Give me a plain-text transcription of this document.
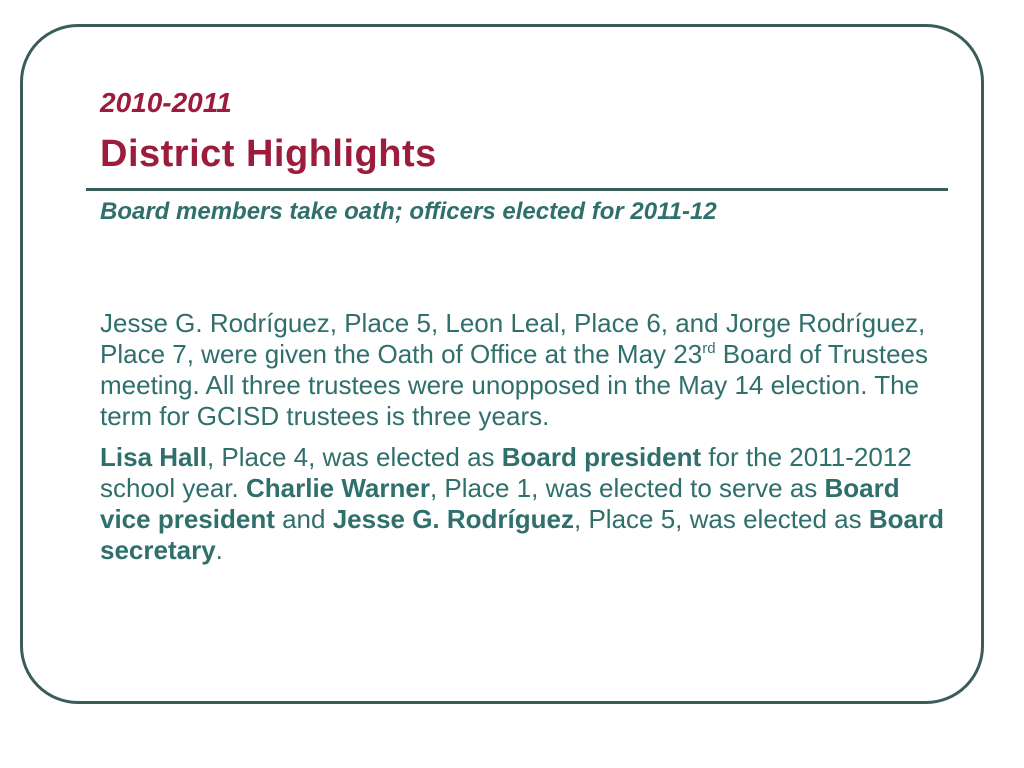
2010-2011
District Highlights
Board members take oath; officers elected for 2011-12

Jesse G. Rodríguez, Place 5, Leon Leal, Place 6, and Jorge Rodríguez, Place 7, were given the Oath of Office at the May 23rd Board of Trustees meeting. All three trustees were unopposed in the May 14 election. The term for GCISD trustees is three years.

Lisa Hall, Place 4, was elected as Board president for the 2011-2012 school year. Charlie Warner, Place 1, was elected to serve as Board vice president and Jesse G. Rodríguez, Place 5, was elected as Board secretary.
